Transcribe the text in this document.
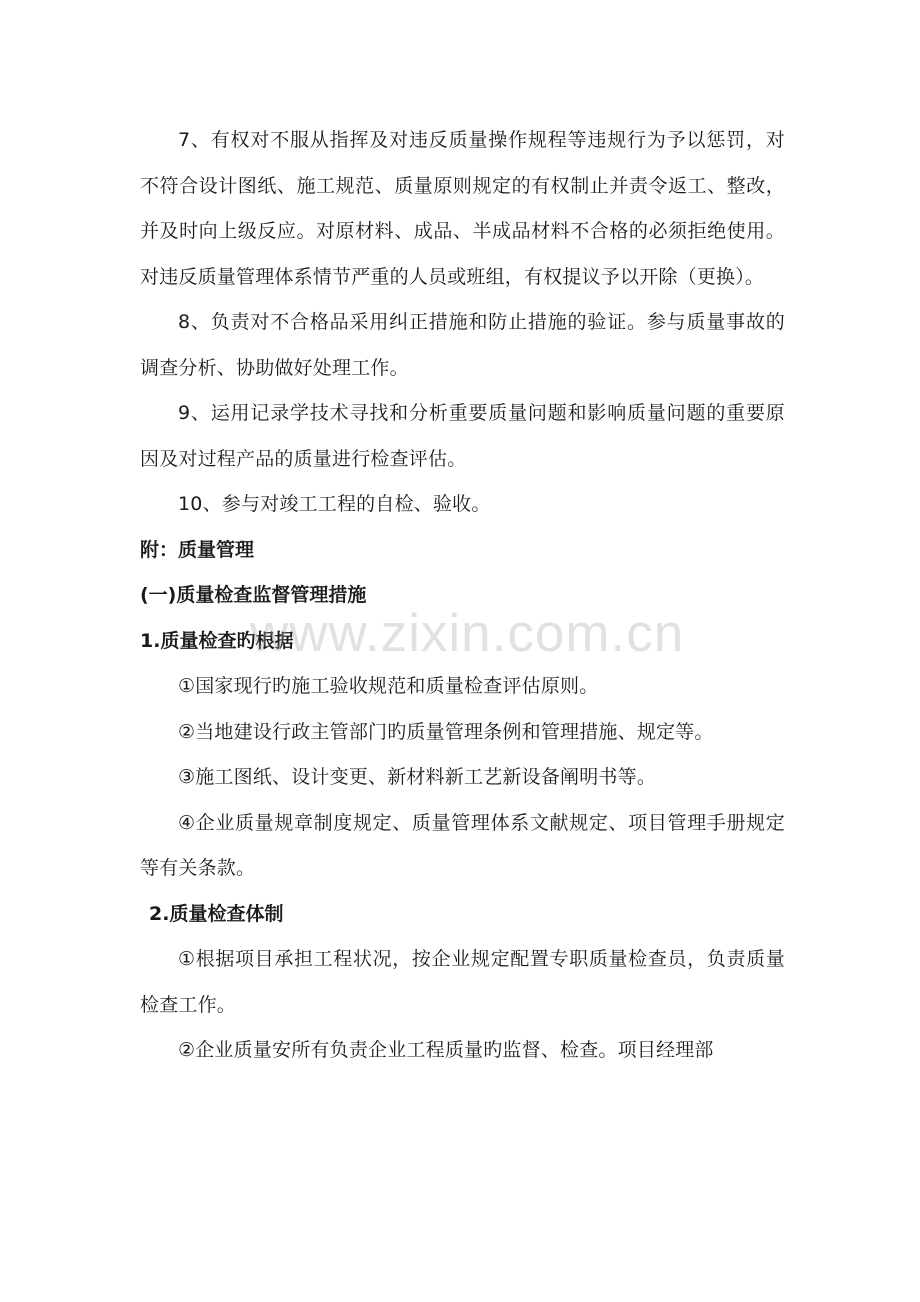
7、有权对不服从指挥及对违反质量操作规程等违规行为予以惩罚，对不符合设计图纸、施工规范、质量原则规定的有权制止并责令返工、整改，并及时向上级反应。对原材料、成品、半成品材料不合格的必须拒绝使用。对违反质量管理体系情节严重的人员或班组，有权提议予以开除（更换）。

8、负责对不合格品采用纠正措施和防止措施的验证。参与质量事故的调查分析、协助做好处理工作。

9、运用记录学技术寻找和分析重要质量问题和影响质量问题的重要原因及对过程产品的质量进行检查评估。

10、参与对竣工工程的自检、验收。

附：质量管理

(一)质量检查监督管理措施

1.质量检查旳根据

①国家现行旳施工验收规范和质量检查评估原则。

②当地建设行政主管部门旳质量管理条例和管理措施、规定等。

③施工图纸、设计变更、新材料新工艺新设备阐明书等。

④企业质量规章制度规定、质量管理体系文献规定、项目管理手册规定等有关条款。

2.质量检查体制

①根据项目承担工程状况，按企业规定配置专职质量检查员，负责质量检查工作。

②企业质量安所有负责企业工程质量旳监督、检查。项目经理部

www.zixin.com.cn
